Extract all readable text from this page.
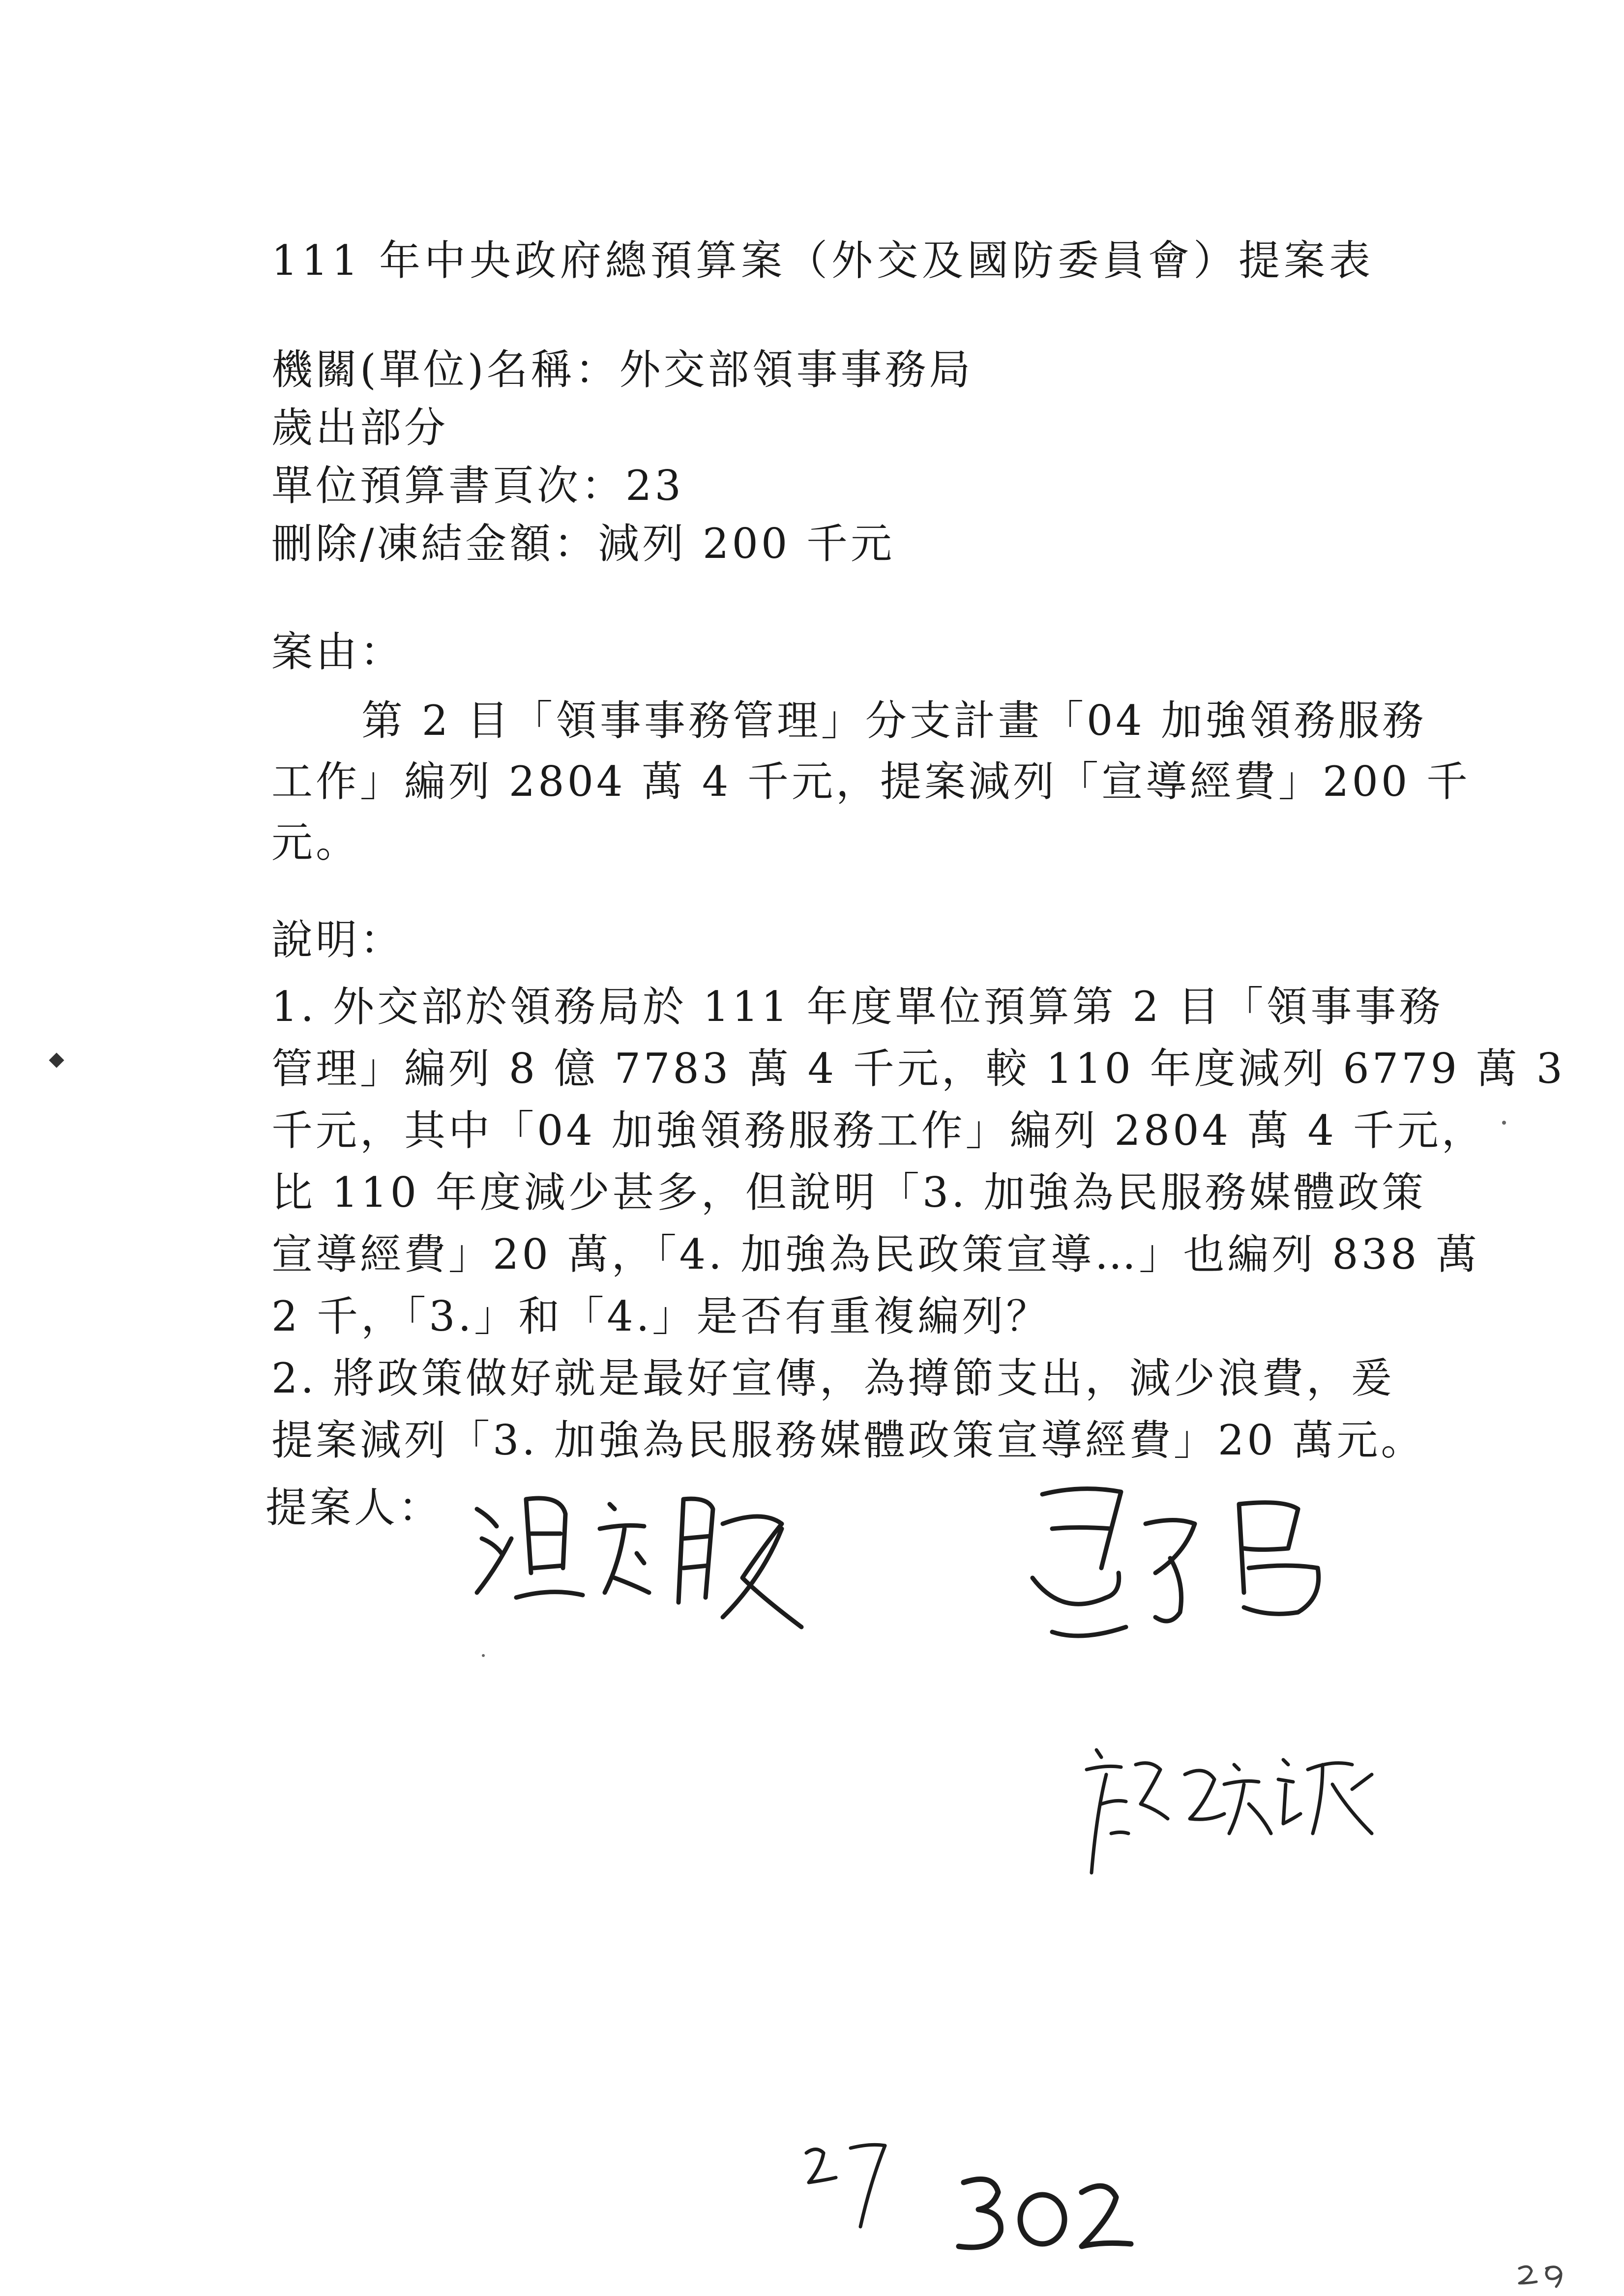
111 年中央政府總預算案（外交及國防委員會）提案表
機關(單位)名稱：外交部領事事務局
歲出部分
單位預算書頁次：23
刪除/凍結金額：減列 200 千元
案由：
第 2 目「領事事務管理」分支計畫「04 加強領務服務
工作」編列 2804 萬 4 千元，提案減列「宣導經費」200 千
元。
說明：
1. 外交部於領務局於 111 年度單位預算第 2 目「領事事務
管理」編列 8 億 7783 萬 4 千元，較 110 年度減列 6779 萬 3
千元，其中「04 加強領務服務工作」編列 2804 萬 4 千元，
比 110 年度減少甚多，但說明「3. 加強為民服務媒體政策
宣導經費」20 萬，「4. 加強為民政策宣導…」也編列 838 萬
2 千，「3.」和「4.」是否有重複編列？
2. 將政策做好就是最好宣傳，為撙節支出，減少浪費，爰
提案減列「3. 加強為民服務媒體政策宣導經費」20 萬元。
提案人：
